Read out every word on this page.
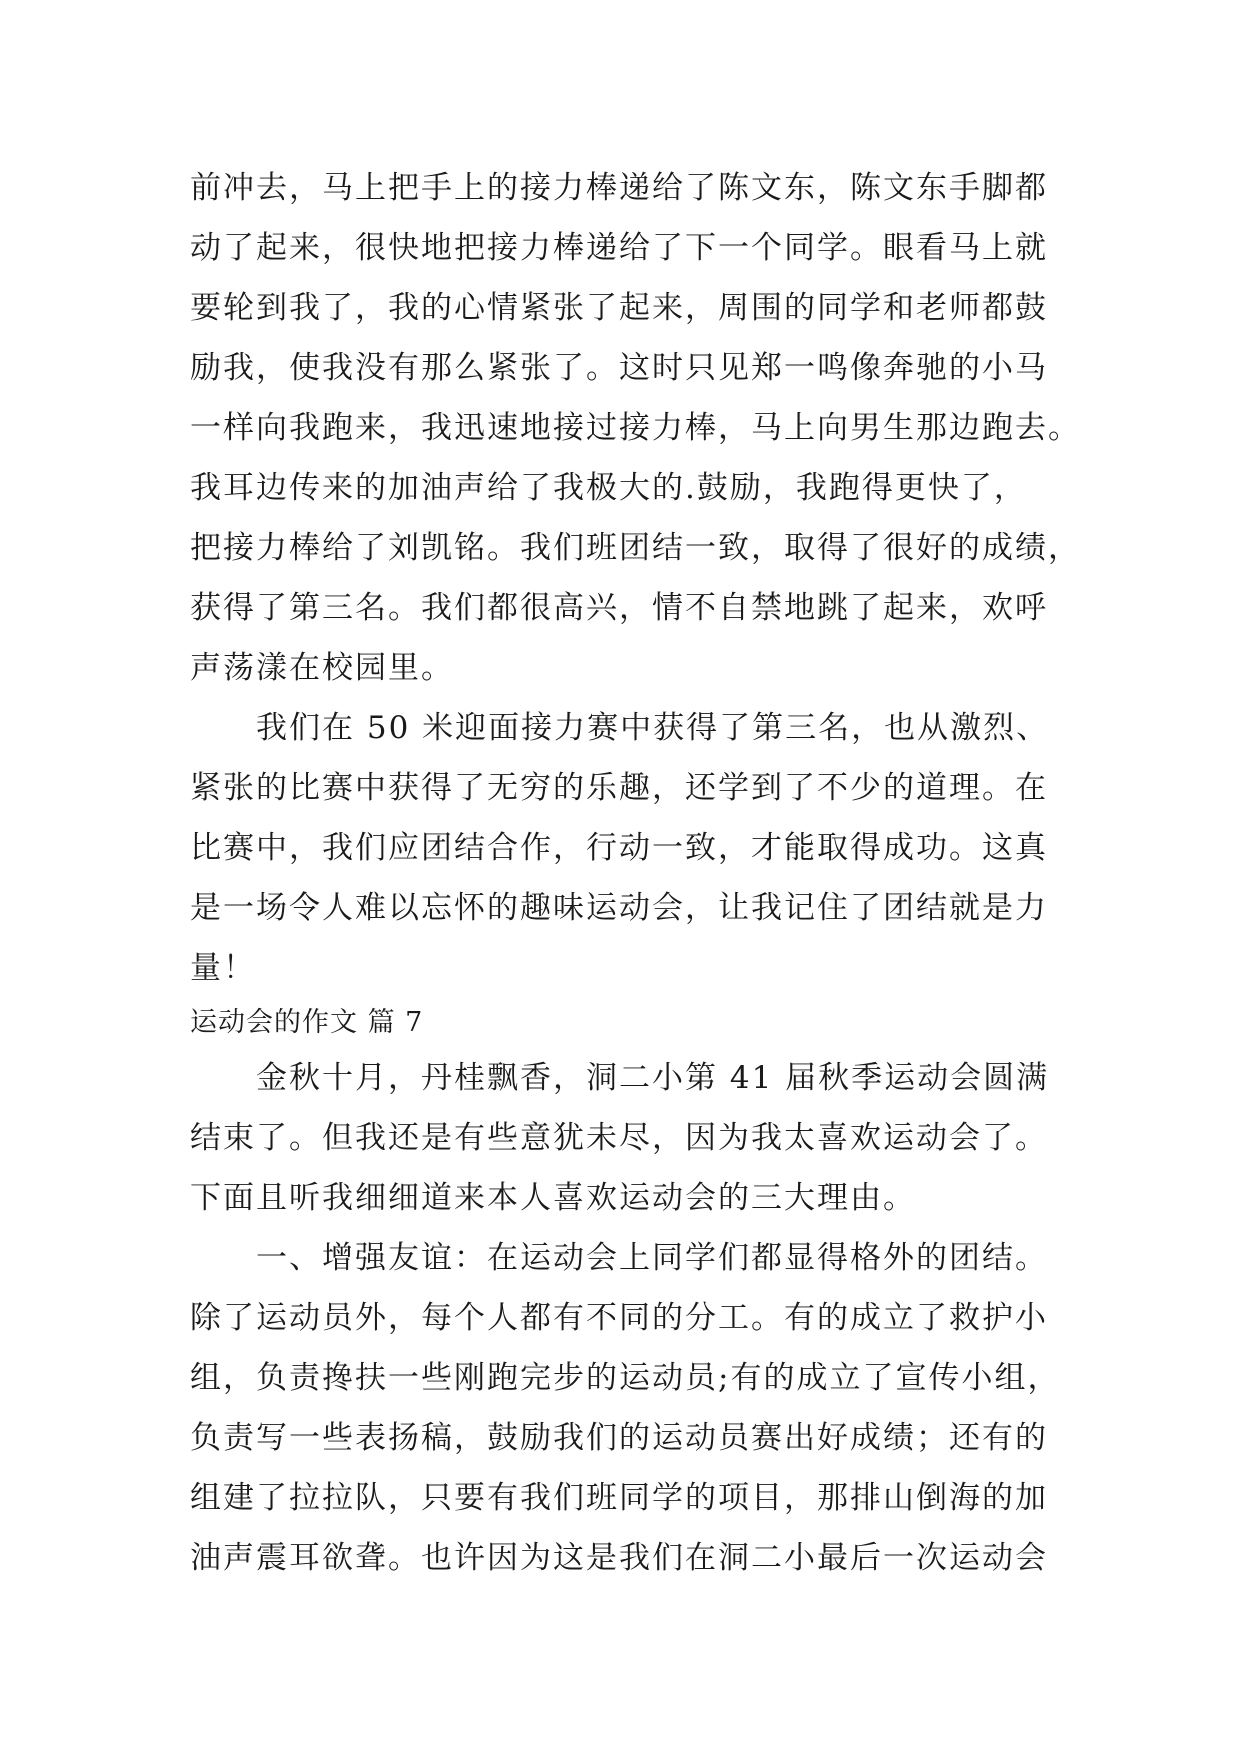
前冲去，马上把手上的接力棒递给了陈文东，陈文东手脚都
动了起来，很快地把接力棒递给了下一个同学。眼看马上就
要轮到我了，我的心情紧张了起来，周围的同学和老师都鼓
励我，使我没有那么紧张了。这时只见郑一鸣像奔驰的小马
一样向我跑来，我迅速地接过接力棒，马上向男生那边跑去。
我耳边传来的加油声给了我极大的.鼓励，我跑得更快了，
把接力棒给了刘凯铭。我们班团结一致，取得了很好的成绩，
获得了第三名。我们都很高兴，情不自禁地跳了起来，欢呼
声荡漾在校园里。
我们在 50 米迎面接力赛中获得了第三名，也从激烈、
紧张的比赛中获得了无穷的乐趣，还学到了不少的道理。在
比赛中，我们应团结合作，行动一致，才能取得成功。这真
是一场令人难以忘怀的趣味运动会，让我记住了团结就是力
量！
运动会的作文 篇 7
金秋十月，丹桂飘香，洞二小第 41 届秋季运动会圆满
结束了。但我还是有些意犹未尽，因为我太喜欢运动会了。
下面且听我细细道来本人喜欢运动会的三大理由。
一、增强友谊：在运动会上同学们都显得格外的团结。
除了运动员外，每个人都有不同的分工。有的成立了救护小
组，负责搀扶一些刚跑完步的运动员;有的成立了宣传小组，
负责写一些表扬稿，鼓励我们的运动员赛出好成绩；还有的
组建了拉拉队，只要有我们班同学的项目，那排山倒海的加
油声震耳欲聋。也许因为这是我们在洞二小最后一次运动会
